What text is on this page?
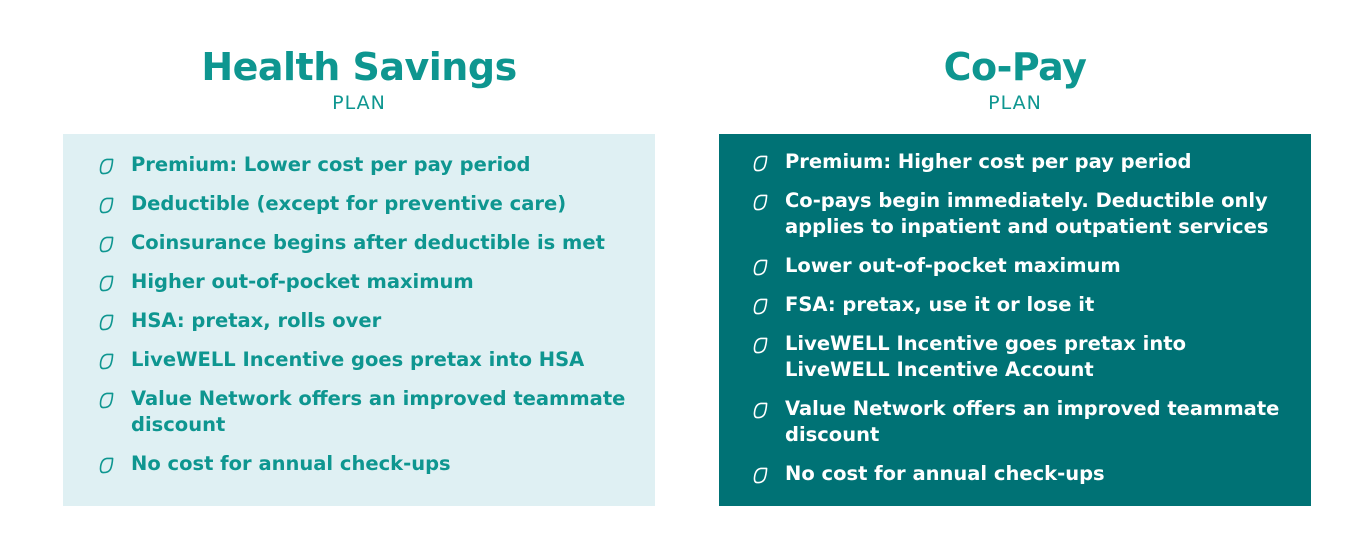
Health Savings
PLAN
Premium: Lower cost per pay period
Deductible (except for preventive care)
Coinsurance begins after deductible is met
Higher out-of-pocket maximum
HSA: pretax, rolls over
LiveWELL Incentive goes pretax into HSA
Value Network offers an improved teammate discount
No cost for annual check-ups
Co-Pay
PLAN
Premium: Higher cost per pay period
Co-pays begin immediately. Deductible only applies to inpatient and outpatient services
Lower out-of-pocket maximum
FSA: pretax, use it or lose it
LiveWELL Incentive goes pretax into LiveWELL Incentive Account
Value Network offers an improved teammate discount
No cost for annual check-ups
